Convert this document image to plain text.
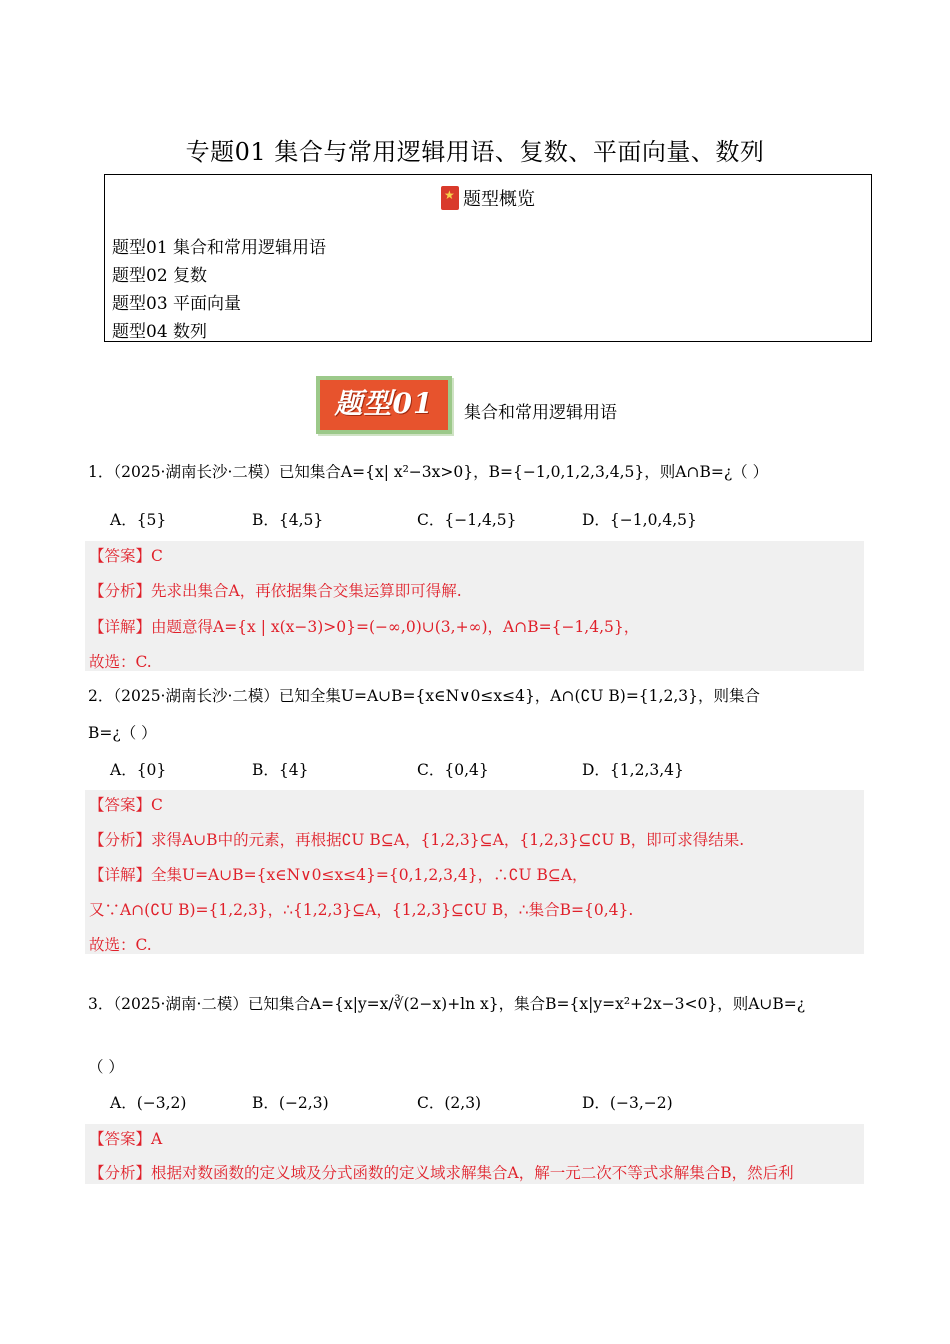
专题01 集合与常用逻辑用语、复数、平面向量、数列
★ 题型概览
题型01 集合和常用逻辑用语
题型02 复数
题型03 平面向量
题型04 数列
题型01	集合和常用逻辑用语
1．（2025·湖南长沙·二模）已知集合A={x| x²−3x>0}，B={−1,0,1,2,3,4,5}，则A∩B=¿（ ）
A．{5}	B．{4,5}	C．{−1,4,5}	D．{−1,0,4,5}
【答案】C
【分析】先求出集合A，再依据集合交集运算即可得解.
【详解】由题意得A={x | x(x−3)>0}=(−∞,0)∪(3,+∞)，A∩B={−1,4,5}，
故选：C.
2．（2025·湖南长沙·二模）已知全集U=A∪B={x∈N∨0≤x≤4}，A∩(∁U B)={1,2,3}，则集合
B=¿（ ）
A．{0}	B．{4}	C．{0,4}	D．{1,2,3,4}
【答案】C
【分析】求得A∪B中的元素，再根据∁U B⊆A，{1,2,3}⊆A，{1,2,3}⊆∁U B，即可求得结果.
【详解】全集U=A∪B={x∈N∨0≤x≤4}={0,1,2,3,4}，∴∁U B⊆A，
又∵A∩(∁U B)={1,2,3}，∴{1,2,3}⊆A，{1,2,3}⊆∁U B，∴集合B={0,4}.
故选：C.
3．（2025·湖南·二模）已知集合A={x|y=x/∛(2−x)+ln x}，集合B={x|y=x²+2x−3<0}，则A∪B=¿
（ ）
A．(−3,2)	B．(−2,3)	C．(2,3)	D．(−3,−2)
【答案】A
【分析】根据对数函数的定义域及分式函数的定义域求解集合A，解一元二次不等式求解集合B，然后利
